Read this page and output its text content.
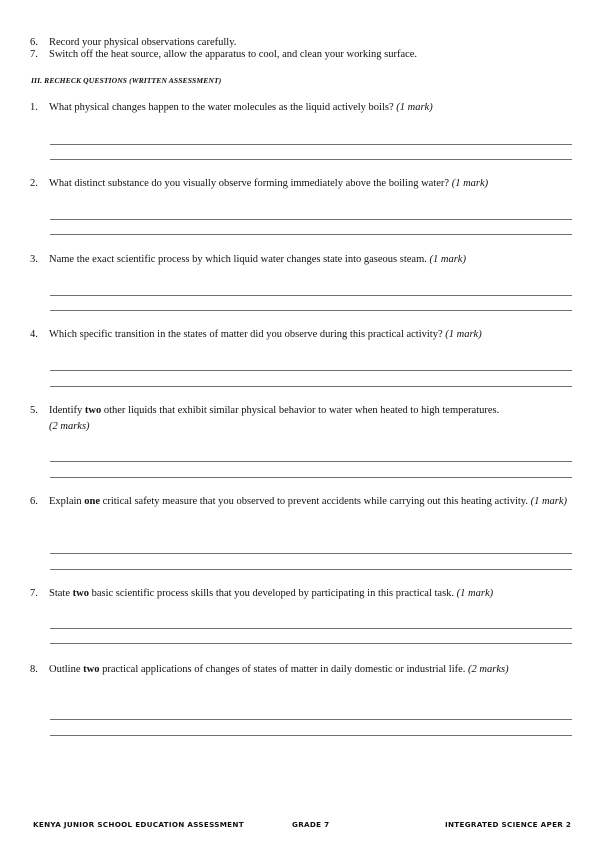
6. Record your physical observations carefully.
7. Switch off the heat source, allow the apparatus to cool, and clean your working surface.
III. RECHECK QUESTIONS (WRITTEN ASSESSMENT)
1. What physical changes happen to the water molecules as the liquid actively boils? (1 mark)
2. What distinct substance do you visually observe forming immediately above the boiling water? (1 mark)
3. Name the exact scientific process by which liquid water changes state into gaseous steam. (1 mark)
4. Which specific transition in the states of matter did you observe during this practical activity? (1 mark)
5. Identify two other liquids that exhibit similar physical behavior to water when heated to high temperatures.
(2 marks)
6. Explain one critical safety measure that you observed to prevent accidents while carrying out this heating activity. (1 mark)
7. State two basic scientific process skills that you developed by participating in this practical task. (1 mark)
8. Outline two practical applications of changes of states of matter in daily domestic or industrial life. (2 marks)
KENYA JUNIOR SCHOOL EDUCATION ASSESSMENT	GRADE 7	INTEGRATED SCIENCE APER 2
